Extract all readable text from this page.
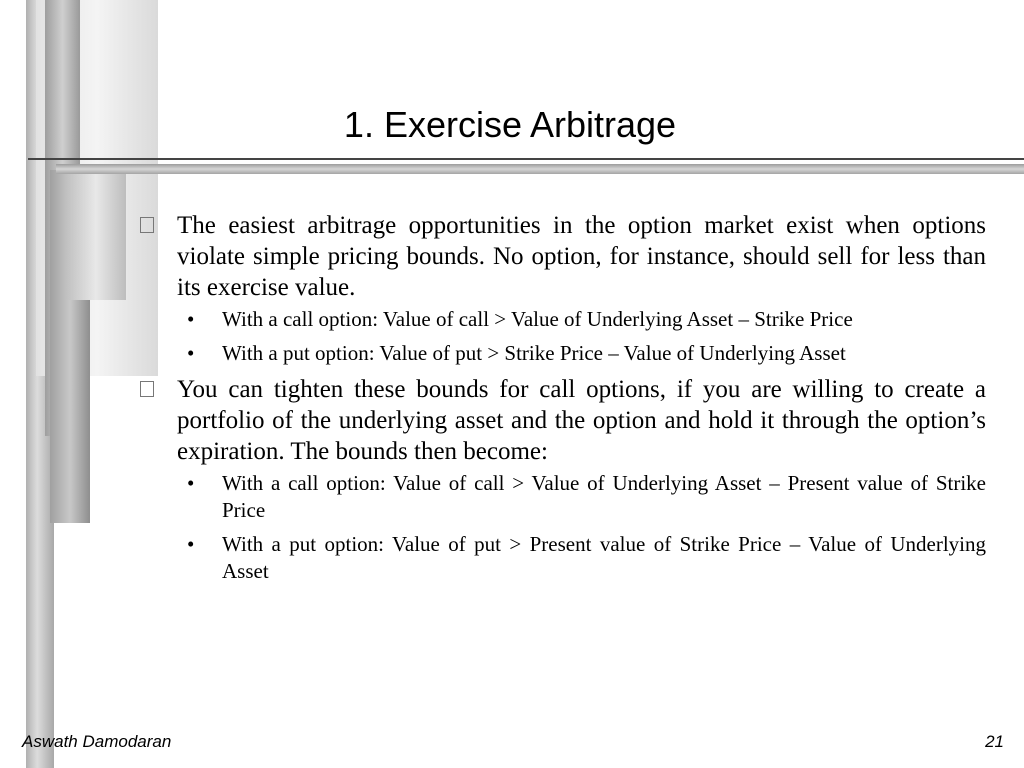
1. Exercise Arbitrage
The easiest arbitrage opportunities in the option market exist when options violate simple pricing bounds. No option, for instance, should sell for less than its exercise value.
• With a call option: Value of call > Value of Underlying Asset – Strike Price
• With a put option: Value of put > Strike Price – Value of Underlying Asset
You can tighten these bounds for call options, if you are willing to create a portfolio of the underlying asset and the option and hold it through the option’s expiration. The bounds then become:
• With a call option: Value of call > Value of Underlying Asset – Present value of Strike Price
• With a put option: Value of put > Present value of Strike Price – Value of Underlying Asset
Aswath Damodaran	21
